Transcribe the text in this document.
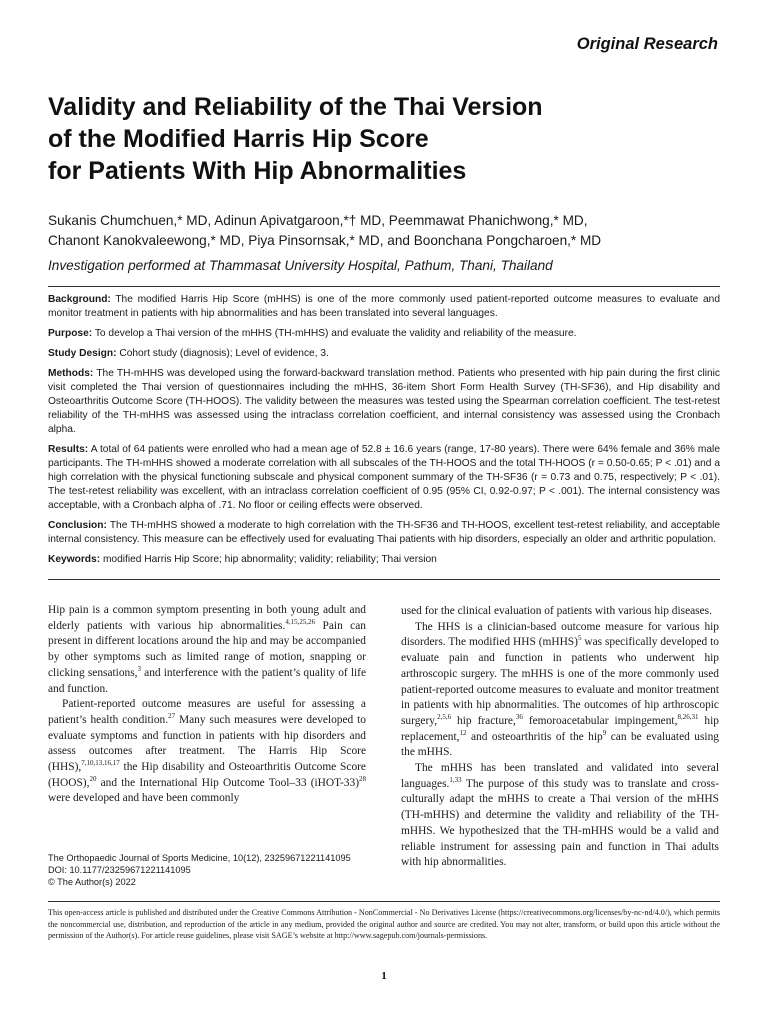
Original Research
Validity and Reliability of the Thai Version
of the Modified Harris Hip Score
for Patients With Hip Abnormalities
Sukanis Chumchuen,* MD, Adinun Apivatgaroon,*† MD, Peemmawat Phanichwong,* MD,
Chanont Kanokvaleewong,* MD, Piya Pinsornsak,* MD, and Boonchana Pongcharoen,* MD
Investigation performed at Thammasat University Hospital, Pathum, Thani, Thailand

Background: The modified Harris Hip Score (mHHS) is one of the more commonly used patient-reported outcome measures to evaluate and monitor treatment in patients with hip abnormalities and has been translated into several languages.

Purpose: To develop a Thai version of the mHHS (TH-mHHS) and evaluate the validity and reliability of the measure.

Study Design: Cohort study (diagnosis); Level of evidence, 3.

Methods: The TH-mHHS was developed using the forward-backward translation method. Patients who presented with hip pain during the first clinic visit completed the Thai version of questionnaires including the mHHS, 36-item Short Form Health Survey (TH-SF36), and Hip disability and Osteoarthritis Outcome Score (TH-HOOS). The validity between the measures was tested using the Spearman correlation coefficient. The test-retest reliability of the TH-mHHS was assessed using the intraclass correlation coefficient, and internal consistency was assessed using the Cronbach alpha.

Results: A total of 64 patients were enrolled who had a mean age of 52.8 ± 16.6 years (range, 17-80 years). There were 64% female and 36% male participants. The TH-mHHS showed a moderate correlation with all subscales of the TH-HOOS and the total TH-HOOS (r = 0.50-0.65; P < .01) and a high correlation with the physical functioning subscale and physical component summary of the TH-SF36 (r = 0.73 and 0.75, respectively; P < .01). The test-retest reliability was excellent, with an intraclass correlation coefficient of 0.95 (95% CI, 0.92-0.97; P < .001). The internal consistency was acceptable, with a Cronbach alpha of .71. No floor or ceiling effects were observed.

Conclusion: The TH-mHHS showed a moderate to high correlation with the TH-SF36 and TH-HOOS, excellent test-retest reliability, and acceptable internal consistency. This measure can be effectively used for evaluating Thai patients with hip disorders, especially an older and arthritic population.

Keywords: modified Harris Hip Score; hip abnormality; validity; reliability; Thai version

Hip pain is a common symptom presenting in both young adult and elderly patients with various hip abnormalities.$^{4,15,25,26}$ Pain can present in different locations around the hip and may be accompanied by other symptoms such as limited range of motion, snapping or clicking sensations,$^3$ and interference with the patient’s quality of life and function.

Patient-reported outcome measures are useful for assessing a patient’s health condition.$^{27}$ Many such measures were developed to evaluate symptoms and function in patients with hip disorders and assess outcomes after treatment. The Harris Hip Score (HHS),$^{7,10,13,16,17}$ the Hip disability and Osteoarthritis Outcome Score (HOOS),$^{20}$ and the International Hip Outcome Tool–33 (iHOT-33)$^{28}$ were developed and have been commonly

used for the clinical evaluation of patients with various hip diseases.

The HHS is a clinician-based outcome measure for various hip disorders. The modified HHS (mHHS)$^5$ was specifically developed to evaluate pain and function in patients who underwent hip arthroscopic surgery. The mHHS is one of the more commonly used patient-reported outcome measures to evaluate and monitor treatment in patients with hip abnormalities. The outcomes of hip arthroscopic surgery,$^{2,5,6}$ hip fracture,$^{36}$ femoroacetabular impingement,$^{8,26,31}$ hip replacement,$^{12}$ and osteoarthritis of the hip$^9$ can be evaluated using the mHHS.

The mHHS has been translated and validated into several languages.$^{1,33}$ The purpose of this study was to translate and cross-culturally adapt the mHHS to create a Thai version of the mHHS (TH-mHHS) and determine the validity and reliability of the TH-mHHS. We hypothesized that the TH-mHHS would be a valid and reliable instrument for assessing pain and function in Thai adults with hip abnormalities.

The Orthopaedic Journal of Sports Medicine, 10(12), 23259671221141095
DOI: 10.1177/23259671221141095
© The Author(s) 2022
This open-access article is published and distributed under the Creative Commons Attribution - NonCommercial - No Derivatives License (https://creativecommons.org/licenses/by-nc-nd/4.0/), which permits the noncommercial use, distribution, and reproduction of the article in any medium, provided the original author and source are credited. You may not alter, transform, or build upon this article without the permission of the Author(s). For article reuse guidelines, please visit SAGE’s website at http://www.sagepub.com/journals-permissions.
1
